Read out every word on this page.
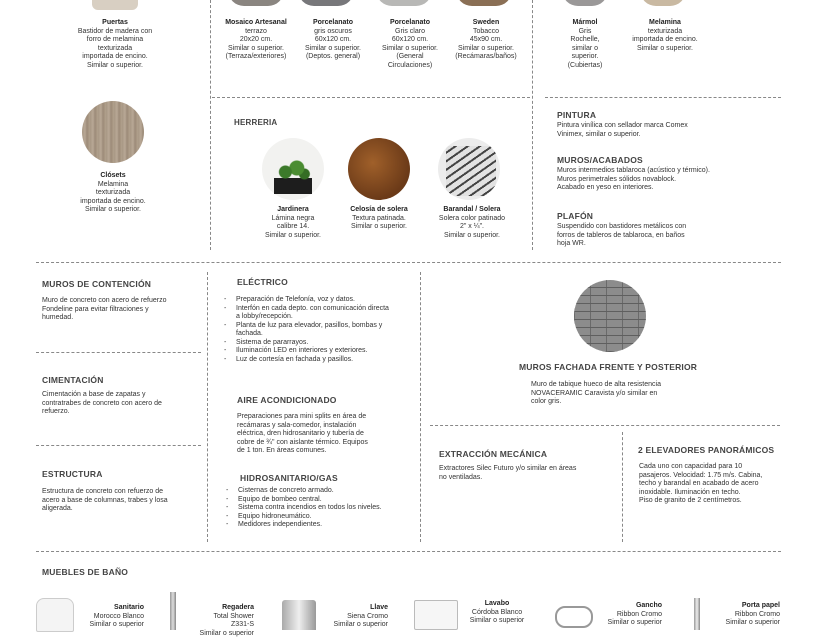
Puertas
Bastidor de madera con
forro de melamina
texturizada
importada de encino.
Similar o superior.
Mosaico Artesanal
terrazo
20x20 cm.
Similar o superior.
(Terraza/exteriores)
Porcelanato
gris oscuros
60x120 cm.
Similar o superior.
(Deptos. general)
Porcelanato
Gris claro
60x120 cm.
Similar o superior.
(General
Circulaciones)
Sweden
Tobacco
45x90 cm.
Similar o superior.
(Recámaras/baños)
Mármol
Gris
Rochelle,
similar o
superior.
(Cubiertas)
Melamina
texturizada
importada de encino.
Similar o superior.
Clósets
Melamina
texturizada
importada de encino.
Similar o superior.
HERRERIA
Jardinera
Lámina negra
calibre 14.
Similar o superior.
Celosía de solera
Textura patinada.
Similar o superior.
Barandal / Solera
Solera color patinado
2" x ¼".
Similar o superior.
PINTURA
Pintura vinílica con sellador marca Comex
Vinimex, similar o superior.
MUROS/ACABADOS
Muros intermedios tablaroca (acústico y térmico).
Muros perimetrales sólidos novablock.
Acabado en yeso en interiores.
PLAFÓN
Suspendido con bastidores metálicos con
forros de tableros de tablaroca, en baños
hoja WR.
MUROS DE CONTENCIÓN
Muro de concreto con acero de refuerzo
Fondeline para evitar filtraciones y
humedad.
CIMENTACIÓN
Cimentación a base de zapatas y
contratrabes de concreto con acero de
refuerzo.
ESTRUCTURA
Estructura de concreto con refuerzo de
acero a base de columnas, trabes y losa
aligerada.
ELÉCTRICO
- Preparación de Telefonía, voz y datos.
- Interfón en cada depto. con comunicación directa a lobby/recepción.
- Planta de luz para elevador, pasillos, bombas y fachada.
- Sistema de pararrayos.
- Iluminación LED en interiores y exteriores.
- Luz de cortesía en fachada y pasillos.
AIRE ACONDICIONADO
Preparaciones para mini splits en área de
recámaras y sala-comedor, instalación
eléctrica, dren hidrosanitario y tubería de
cobre de ¾" con aislante térmico. Equipos
de 1 ton. En áreas comunes.
HIDROSANITARIO/GAS
- Cisternas de concreto armado.
- Equipo de bombeo central.
- Sistema contra incendios en todos los niveles.
- Equipo hidroneumático.
- Medidores independientes.
MUROS FACHADA FRENTE Y POSTERIOR
Muro de tabique hueco de alta resistencia
NOVACERAMIC Caravista y/o similar en
color gris.
EXTRACCIÓN MECÁNICA
Extractores Silec Futuro y/o similar en áreas
no ventiladas.
2 ELEVADORES PANORÁMICOS
Cada uno con capacidad para 10
pasajeros. Velocidad: 1.75 m/s. Cabina,
techo y barandal en acabado de acero
inoxidable. Iluminación en techo.
Piso de granito de 2 centímetros.
MUEBLES DE BAÑO
Sanitario
Morocco Blanco
Similar o superior
Regadera
Total Shower
Z331-S
Similar o superior
Llave
Siena Cromo
Similar o superior
Lavabo
Córdoba Blanco
Similar o superior
Gancho
Ribbon Cromo
Similar o superior
Porta papel
Ribbon Cromo
Similar o superior
